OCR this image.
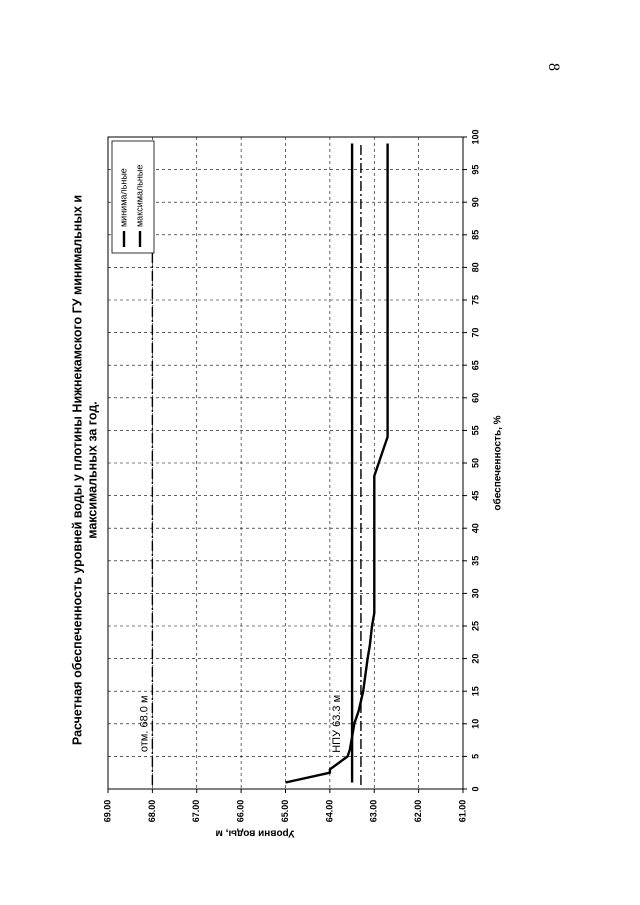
8
минимальные максимальные
0
5
10
15
20
25
30
35
40
45
50
55
60
65
70
75
80
85
90
95
100
61.00
62.00
63.00
64.00
65.00
66.00
67.00
68.00
69.00
отм. 68.0 м	НПУ 63.3 м
обеспеченность, %
Уровни воды, м
Расчетная обеспеченность уровней воды у плотины Нижнекамского ГУ минимальных и максимальных за год.
